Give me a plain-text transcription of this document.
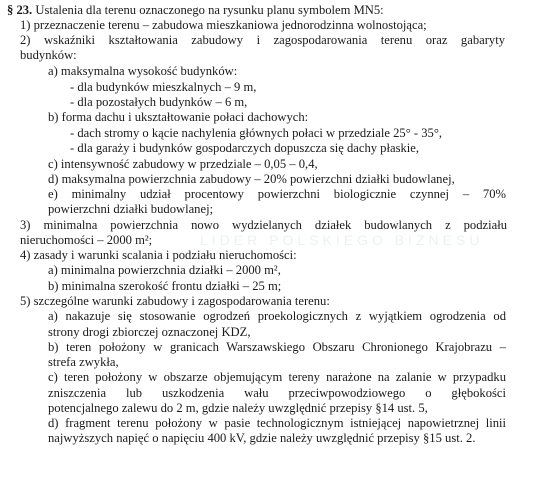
LIDER POLSKIEGO BIZNESU
§ 23. Ustalenia dla terenu oznaczonego na rysunku planu symbolem MN5:
1) przeznaczenie terenu – zabudowa mieszkaniowa jednorodzinna wolnostojąca;
2) wskaźniki kształtowania zabudowy i zagospodarowania terenu oraz gabaryty
budynków:
a) maksymalna wysokość budynków:
- dla budynków mieszkalnych – 9 m,
- dla pozostałych budynków – 6 m,
b) forma dachu i ukształtowanie połaci dachowych:
- dach stromy o kącie nachylenia głównych połaci w przedziale 25° - 35°,
- dla garaży i budynków gospodarczych dopuszcza się dachy płaskie,
c) intensywność zabudowy w przedziale – 0,05 – 0,4,
d) maksymalna powierzchnia zabudowy – 20% powierzchni działki budowlanej,
e) minimalny udział procentowy powierzchni biologicznie czynnej – 70%
powierzchni działki budowlanej;
3) minimalna powierzchnia nowo wydzielanych działek budowlanych z podziału
nieruchomości – 2000 m²;
4) zasady i warunki scalania i podziału nieruchomości:
a) minimalna powierzchnia działki – 2000 m²,
b) minimalna szerokość frontu działki – 25 m;
5) szczególne warunki zabudowy i zagospodarowania terenu:
a) nakazuje się stosowanie ogrodzeń proekologicznych z wyjątkiem ogrodzenia od
strony drogi zbiorczej oznaczonej KDZ,
b) teren położony w granicach Warszawskiego Obszaru Chronionego Krajobrazu –
strefa zwykła,
c) teren położony w obszarze objemującym tereny narażone na zalanie w przypadku
zniszczenia lub uszkodzenia wału przeciwpowodziowego o głębokości
potencjalnego zalewu do 2 m, gdzie należy uwzględnić przepisy §14 ust. 5,
d) fragment terenu położony w pasie technologicznym istniejącej napowietrznej linii
najwyższych napięć o napięciu 400 kV, gdzie należy uwzględnić przepisy §15 ust. 2.
